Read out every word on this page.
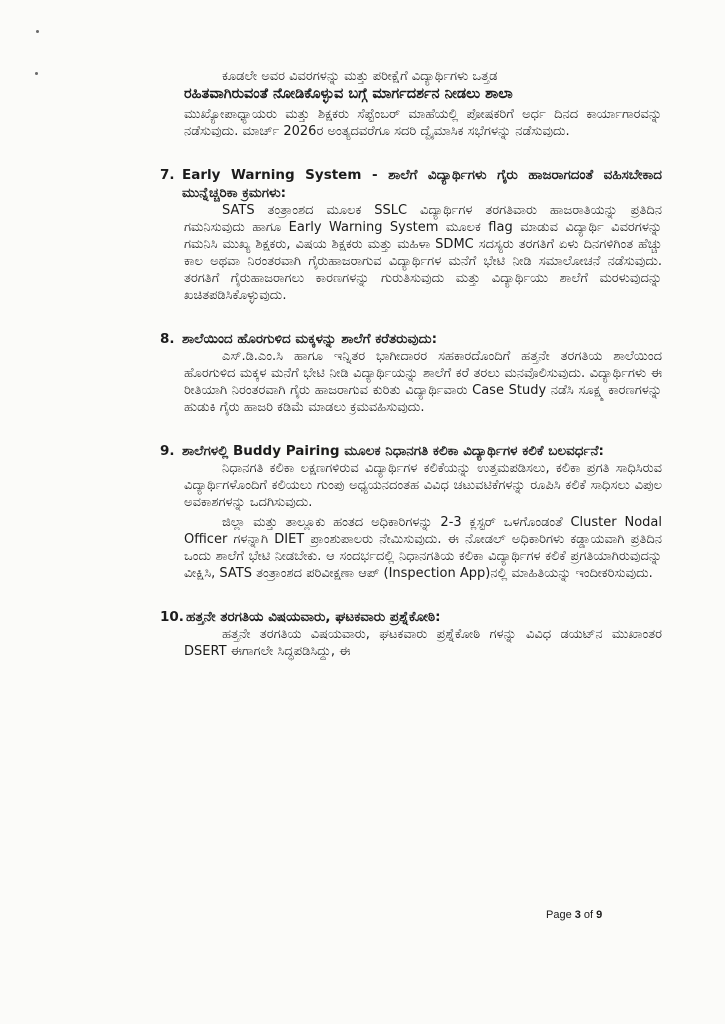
ಕೂಡಲೇ ಅವರ ವಿವರಗಳನ್ನು ಮತ್ತು ಪರೀಕ್ಷೆಗೆ ವಿದ್ಯಾರ್ಥಿಗಳು ಒತ್ತಡ

ರಹಿತವಾಗಿರುವಂತೆ ನೋಡಿಕೊಳ್ಳುವ ಬಗ್ಗೆ ಮಾರ್ಗದರ್ಶನ ನೀಡಲು ಶಾಲಾ

ಮುಖ್ಯೋಪಾಧ್ಯಾಯರು ಮತ್ತು ಶಿಕ್ಷಕರು ಸೆಪ್ಟೆಂಬರ್ ಮಾಹೆಯಲ್ಲಿ ಪೋಷಕರಿಗೆ ಅರ್ಧ ದಿನದ ಕಾರ್ಯಾಗಾರವನ್ನು ನಡೆಸುವುದು. ಮಾರ್ಚ್ 2026ರ ಅಂತ್ಯದವರೆಗೂ ಸದರಿ ದ್ವೈಮಾಸಿಕ ಸಭೆಗಳನ್ನು ನಡೆಸುವುದು.

7. Early Warning System - ಶಾಲೆಗೆ ವಿದ್ಯಾರ್ಥಿಗಳು ಗೈರು ಹಾಜರಾಗದಂತೆ ವಹಿಸಬೇಕಾದ ಮುನ್ನೆಚ್ಚರಿಕಾ ಕ್ರಮಗಳು:

SATS ತಂತ್ರಾಂಶದ ಮೂಲಕ SSLC ವಿದ್ಯಾರ್ಥಿಗಳ ತರಗತಿವಾರು ಹಾಜರಾತಿಯನ್ನು ಪ್ರತಿದಿನ ಗಮನಿಸುವುದು ಹಾಗೂ Early Warning System ಮೂಲಕ flag ಮಾಡುವ ವಿದ್ಯಾರ್ಥಿ ವಿವರಗಳನ್ನು ಗಮನಿಸಿ ಮುಖ್ಯ ಶಿಕ್ಷಕರು, ವಿಷಯ ಶಿಕ್ಷಕರು ಮತ್ತು ಮಹಿಳಾ SDMC ಸದಸ್ಯರು ತರಗತಿಗೆ ಏಳು ದಿನಗಳಿಗಿಂತ ಹೆಚ್ಚು ಕಾಲ ಅಥವಾ ನಿರಂತರವಾಗಿ ಗೈರುಹಾಜರಾಗುವ ವಿದ್ಯಾರ್ಥಿಗಳ ಮನೆಗೆ ಭೇಟಿ ನೀಡಿ ಸಮಾಲೋಚನೆ ನಡೆಸುವುದು. ತರಗತಿಗೆ ಗೈರುಹಾಜರಾಗಲು ಕಾರಣಗಳನ್ನು ಗುರುತಿಸುವುದು ಮತ್ತು ವಿದ್ಯಾರ್ಥಿಯು ಶಾಲೆಗೆ ಮರಳುವುದನ್ನು ಖಚಿತಪಡಿಸಿಕೊಳ್ಳುವುದು.

8. ಶಾಲೆಯಿಂದ ಹೊರಗುಳಿದ ಮಕ್ಕಳನ್ನು ಶಾಲೆಗೆ ಕರೆತರುವುದು:

ಎಸ್.ಡಿ.ಎಂ.ಸಿ ಹಾಗೂ ಇನ್ನಿತರ ಭಾಗೀದಾರರ ಸಹಕಾರದೊಂದಿಗೆ ಹತ್ತನೇ ತರಗತಿಯ ಶಾಲೆಯಿಂದ ಹೊರಗುಳಿದ ಮಕ್ಕಳ ಮನೆಗೆ ಭೇಟಿ ನೀಡಿ ವಿದ್ಯಾರ್ಥಿಯನ್ನು ಶಾಲೆಗೆ ಕರೆ ತರಲು ಮನವೊಲಿಸುವುದು. ವಿದ್ಯಾರ್ಥಿಗಳು ಈ ರೀತಿಯಾಗಿ ನಿರಂತರವಾಗಿ ಗೈರು ಹಾಜರಾಗುವ ಕುರಿತು ವಿದ್ಯಾರ್ಥಿವಾರು Case Study ನಡೆಸಿ ಸೂಕ್ಷ್ಮ ಕಾರಣಗಳನ್ನು ಹುಡುಕಿ ಗೈರು ಹಾಜರಿ ಕಡಿಮೆ ಮಾಡಲು ಕ್ರಮವಹಿಸುವುದು.

9. ಶಾಲೆಗಳಲ್ಲಿ Buddy Pairing ಮೂಲಕ ನಿಧಾನಗತಿ ಕಲಿಕಾ ವಿದ್ಯಾರ್ಥಿಗಳ ಕಲಿಕೆ ಬಲವರ್ಧನೆ:

ನಿಧಾನಗತಿ ಕಲಿಕಾ ಲಕ್ಷಣಗಳಿರುವ ವಿದ್ಯಾರ್ಥಿಗಳ ಕಲಿಕೆಯನ್ನು ಉತ್ತಮಪಡಿಸಲು, ಕಲಿಕಾ ಪ್ರಗತಿ ಸಾಧಿಸಿರುವ ವಿದ್ಯಾರ್ಥಿಗಳೊಂದಿಗೆ ಕಲಿಯಲು ಗುಂಪು ಅಧ್ಯಯನದಂತಹ ವಿವಿಧ ಚಟುವಟಿಕೆಗಳನ್ನು ರೂಪಿಸಿ ಕಲಿಕೆ ಸಾಧಿಸಲು ವಿಪುಲ ಅವಕಾಶಗಳನ್ನು ಒದಗಿಸುವುದು.

ಜಿಲ್ಲಾ ಮತ್ತು ತಾಲ್ಲೂಕು ಹಂತದ ಅಧಿಕಾರಿಗಳನ್ನು 2-3 ಕ್ಲಸ್ಟರ್ ಒಳಗೊಂಡಂತೆ Cluster Nodal Officer ಗಳನ್ನಾಗಿ DIET ಪ್ರಾಂಶುಪಾಲರು ನೇಮಿಸುವುದು. ಈ ನೋಡಲ್ ಅಧಿಕಾರಿಗಳು ಕಡ್ಡಾಯವಾಗಿ ಪ್ರತಿದಿನ ಒಂದು ಶಾಲೆಗೆ ಭೇಟಿ ನೀಡಬೇಕು. ಆ ಸಂದರ್ಭದಲ್ಲಿ ನಿಧಾನಗತಿಯ ಕಲಿಕಾ ವಿದ್ಯಾರ್ಥಿಗಳ ಕಲಿಕೆ ಪ್ರಗತಿಯಾಗಿರುವುದನ್ನು ವೀಕ್ಷಿಸಿ, SATS ತಂತ್ರಾಂಶದ ಪರಿವೀಕ್ಷಣಾ ಆಪ್ (Inspection App)ನಲ್ಲಿ ಮಾಹಿತಿಯನ್ನು ಇಂದೀಕರಿಸುವುದು.

10. ಹತ್ತನೇ ತರಗತಿಯ ವಿಷಯವಾರು, ಘಟಕವಾರು ಪ್ರಶ್ನೆಕೋಠಿ:

ಹತ್ತನೇ ತರಗತಿಯ ವಿಷಯವಾರು, ಘಟಕವಾರು ಪ್ರಶ್ನೆಕೋಠಿ ಗಳನ್ನು ವಿವಿಧ ಡಯಟ್‌ನ ಮುಖಾಂತರ DSERT ಈಗಾಗಲೇ ಸಿದ್ಧಪಡಿಸಿದ್ದು, ಈ

Page 3 of 9
